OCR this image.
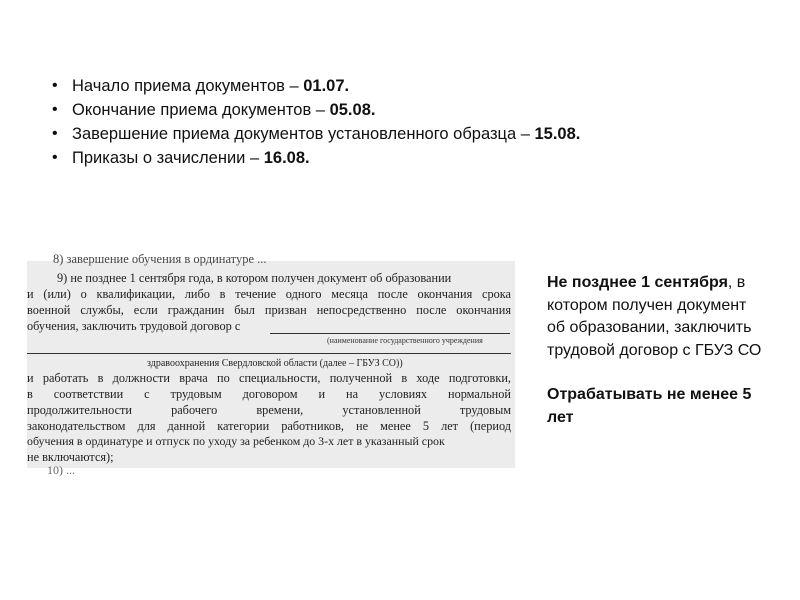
• Начало приема документов – 01.07.
• Окончание приема документов – 05.08.
• Завершение приема документов установленного образца – 15.08.
• Приказы о зачислении – 16.08.
8) завершение обучения в ординатуре ...
9) не позднее 1 сентября года, в котором получен документ об образовании
и (или) о квалификации, либо в течение одного месяца после окончания срока
военной службы, если гражданин был призван непосредственно после окончания
обучения, заключить трудовой договор с
(наименование государственного учреждения
здравоохранения Свердловской области (далее – ГБУЗ СО))
и работать в должности врача по специальности, полученной в ходе подготовки,
в соответствии с трудовым договором и на условиях нормальной
продолжительности рабочего времени, установленной трудовым
законодательством для данной категории работников, не менее 5 лет (период
обучения в ординатуре и отпуск по уходу за ребенком до 3-х лет в указанный срок
не включаются);
10) ...
Не позднее 1 сентября, в котором получен документ об образовании, заключить трудовой договор с ГБУЗ СО
Отрабатывать не менее 5 лет
